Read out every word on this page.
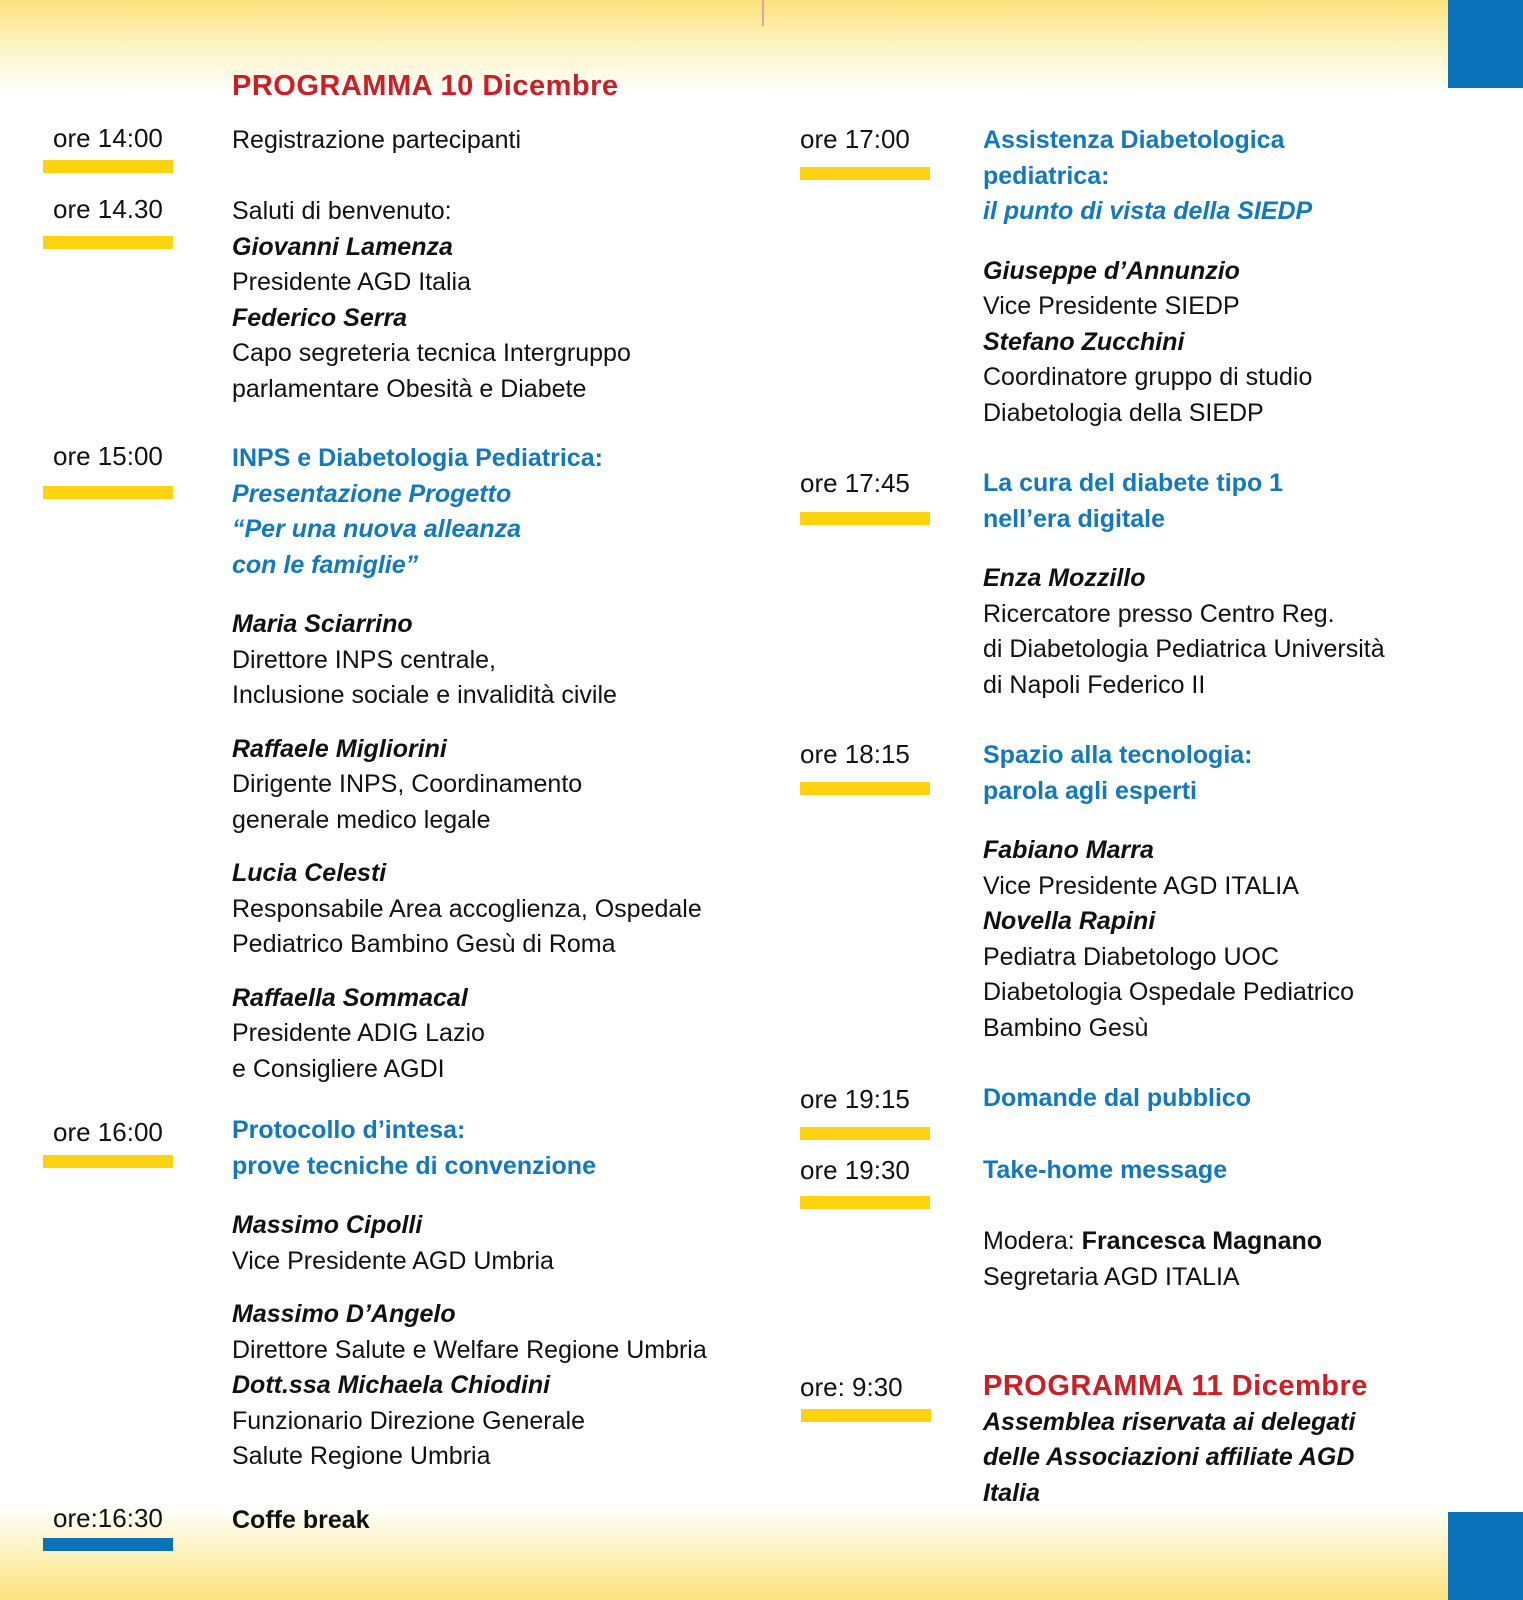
PROGRAMMA 10 Dicembre
ore 14:00	Registrazione partecipanti

ore 14.30	Saluti di benvenuto:

Giovanni Lamenza

Presidente AGD Italia

Federico Serra

Capo segreteria tecnica Intergruppo

parlamentare Obesità e Diabete

ore 15:00	INPS e Diabetologia Pediatrica:

Presentazione Progetto

“Per una nuova alleanza

con le famiglie”

Maria Sciarrino

Direttore INPS centrale,

Inclusione sociale e invalidità civile

Raffaele Migliorini

Dirigente INPS, Coordinamento

generale medico legale

Lucia Celesti

Responsabile Area accoglienza, Ospedale

Pediatrico Bambino Gesù di Roma

Raffaella Sommacal

Presidente ADIG Lazio

e Consigliere AGDI

ore 16:00	Protocollo d’intesa:

prove tecniche di convenzione

Massimo Cipolli

Vice Presidente AGD Umbria

Massimo D’Angelo

Direttore Salute e Welfare Regione Umbria

Dott.ssa Michaela Chiodini

Funzionario Direzione Generale

Salute Regione Umbria

ore:16:30	Coffe break

ore 17:00	Assistenza Diabetologica

pediatrica:

il punto di vista della SIEDP

Giuseppe d’Annunzio

Vice Presidente SIEDP

Stefano Zucchini

Coordinatore gruppo di studio

Diabetologia della SIEDP

ore 17:45	La cura del diabete tipo 1

nell’era digitale

Enza Mozzillo

Ricercatore presso Centro Reg.

di Diabetologia Pediatrica Università

di Napoli Federico II

ore 18:15	Spazio alla tecnologia:

parola agli esperti

Fabiano Marra

Vice Presidente AGD ITALIA

Novella Rapini

Pediatra Diabetologo UOC

Diabetologia Ospedale Pediatrico

Bambino Gesù

ore 19:15	Domande dal pubblico

ore 19:30	Take-home message

Modera: Francesca Magnano

Segretaria AGD ITALIA

ore: 9:30	PROGRAMMA 11 Dicembre

Assemblea riservata ai delegati

delle Associazioni affiliate AGD

Italia
